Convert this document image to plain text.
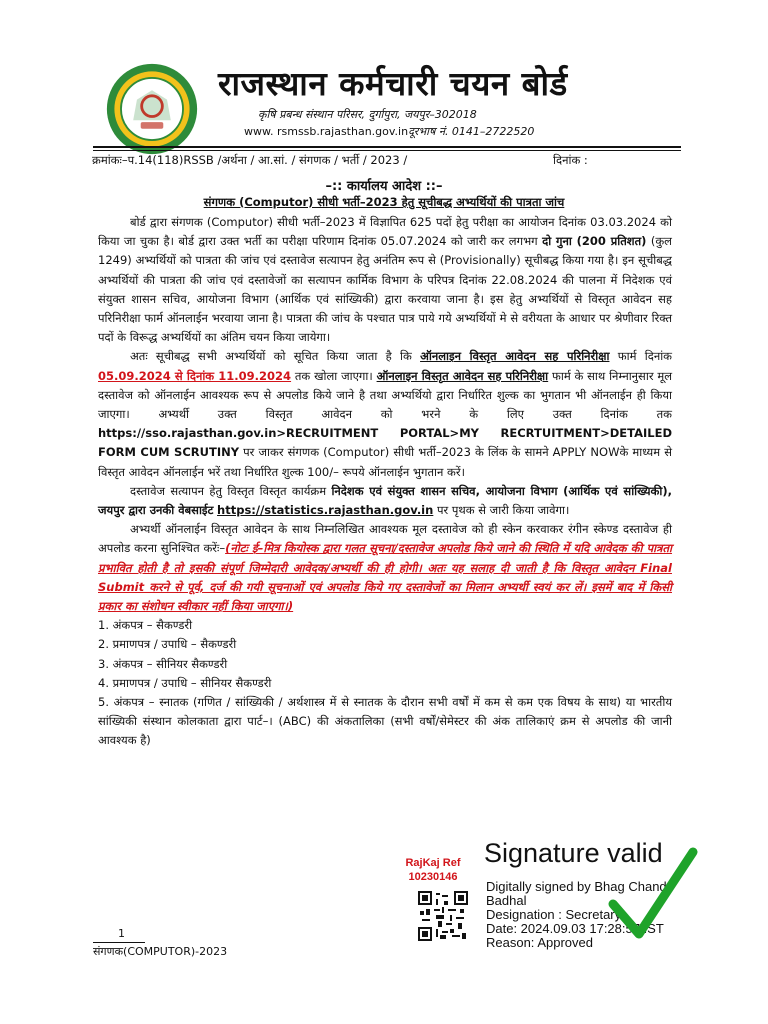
राजस्थान कर्मचारी चयन बोर्ड
कृषि प्रबन्ध संस्थान परिसर, दुर्गापुरा, जयपुर–302018
www. rsmssb.rajasthan.gov.inदूरभाष नं. 0141–2722520
क्रमांकः–प.14(118)RSSB /अर्थना / आ.सां. / संगणक / भर्ती / 2023 /	दिनांक :
–:: कार्यालय आदेश ::–
संगणक (Computor) सीधी भर्ती–2023 हेतु सूचीबद्ध अभ्यर्थियों की पात्रता जांच

बोर्ड द्वारा संगणक (Computor) सीधी भर्ती–2023 में विज्ञापित 625 पदों हेतु परीक्षा का आयोजन दिनांक 03.03.2024 को किया जा चुका है। बोर्ड द्वारा उक्त भर्ती का परीक्षा परिणाम दिनांक 05.07.2024 को जारी कर लगभग दो गुना (200 प्रतिशत) (कुल 1249) अभ्यर्थियों को पात्रता की जांच एवं दस्तावेज सत्यापन हेतु अनंतिम रूप से (Provisionally) सूचीबद्ध किया गया है। इन सूचीबद्ध अभ्यर्थियों की पात्रता की जांच एवं दस्तावेजों का सत्यापन कार्मिक विभाग के परिपत्र दिनांक 22.08.2024 की पालना में निदेशक एवं संयुक्त शासन सचिव, आयोजना विभाग (आर्थिक एवं सांख्यिकी) द्वारा करवाया जाना है। इस हेतु अभ्यर्थियों से विस्तृत आवेदन सह परिनिरीक्षा फार्म ऑनलाईन भरवाया जाना है। पात्रता की जांच के पश्चात पात्र पाये गये अभ्यर्थियों मे से वरीयता के आधार पर श्रेणीवार रिक्त पदों के विरूद्ध अभ्यर्थियों का अंतिम चयन किया जायेगा।

अतः सूचीबद्ध सभी अभ्यर्थियों को सूचित किया जाता है कि ऑनलाइन विस्तृत आवेदन सह परिनिरीक्षा फार्म दिनांक 05.09.2024 से दिनांक 11.09.2024 तक खोला जाएगा। ऑनलाइन विस्तृत आवेदन सह परिनिरीक्षा फार्म के साथ निम्नानुसार मूल दस्तावेज को ऑनलाईन आवश्यक रूप से अपलोड किये जाने है तथा अभ्यर्थियो द्वारा निर्धारित शुल्क का भुगतान भी ऑनलाईन ही किया जाएगा। अभ्यर्थी उक्त विस्तृत आवेदन को भरने के लिए उक्त दिनांक तक https://sso.rajasthan.gov.in>RECRUITMENT PORTAL>MY RECRTUITMENT>DETAILED FORM CUM SCRUTINY पर जाकर संगणक (Computor) सीधी भर्ती–2023 के लिंक के सामने APPLY NOWके माध्यम से विस्तृत आवेदन ऑनलाईन भरें तथा निर्धारित शुल्क 100/– रूपये ऑनलाईन भुगतान करें।

दस्तावेज सत्यापन हेतु विस्तृत विस्तृत कार्यक्रम निदेशक एवं संयुक्त शासन सचिव, आयोजना विभाग (आर्थिक एवं सांख्यिकी), जयपुर द्वारा उनकी वेबसाईट https://statistics.rajasthan.gov.in पर पृथक से जारी किया जावेगा।

अभ्यर्थी ऑनलाईन विस्तृत आवेदन के साथ निम्नलिखित आवश्यक मूल दस्तावेज को ही स्केन करवाकर रंगीन स्केण्ड दस्तावेज ही अपलोड करना सुनिश्चित करेंः–(नोटः ई–मित्र कियोस्क द्वारा गलत सूचना/दस्तावेज अपलोड किये जाने की स्थिति में यदि आवेदक की पात्रता प्रभावित होती है तो इसकी संपूर्ण जिम्मेदारी आवेदक/अभ्यर्थी की ही होगी। अतः यह सलाह दी जाती है कि विस्तृत आवेदन Final Submit करने से पूर्व, दर्ज की गयी सूचनाओं एवं अपलोड किये गए दस्तावेजों का मिलान अभ्यर्थी स्वयं कर लें। इसमें बाद में किसी प्रकार का संशोधन स्वीकार नहीं किया जाएगा।)

1. अंकपत्र – सैकण्डरी

2. प्रमाणपत्र / उपाधि – सैकण्डरी

3. अंकपत्र – सीनियर सैकण्डरी

4. प्रमाणपत्र / उपाधि – सीनियर सैकण्डरी

5. अंकपत्र – स्नातक (गणित / सांख्यिकी / अर्थशास्त्र में से स्नातक के दौरान सभी वर्षों में कम से कम एक विषय के साथ) या भारतीय सांख्यिकी संस्थान कोलकाता द्वारा पार्ट–। (ABC) की अंकतालिका (सभी वर्षों/सेमेस्टर की अंक तालिकाएं क्रम से अपलोड की जानी आवश्यक है)

RajKaj Ref
10230146
Signature valid
Digitally signed by Bhag Chand
Badhal
Designation : Secretary
Date: 2024.09.03 17:28:57 IST
Reason: Approved
1
संगणक(COMPUTOR)-2023
